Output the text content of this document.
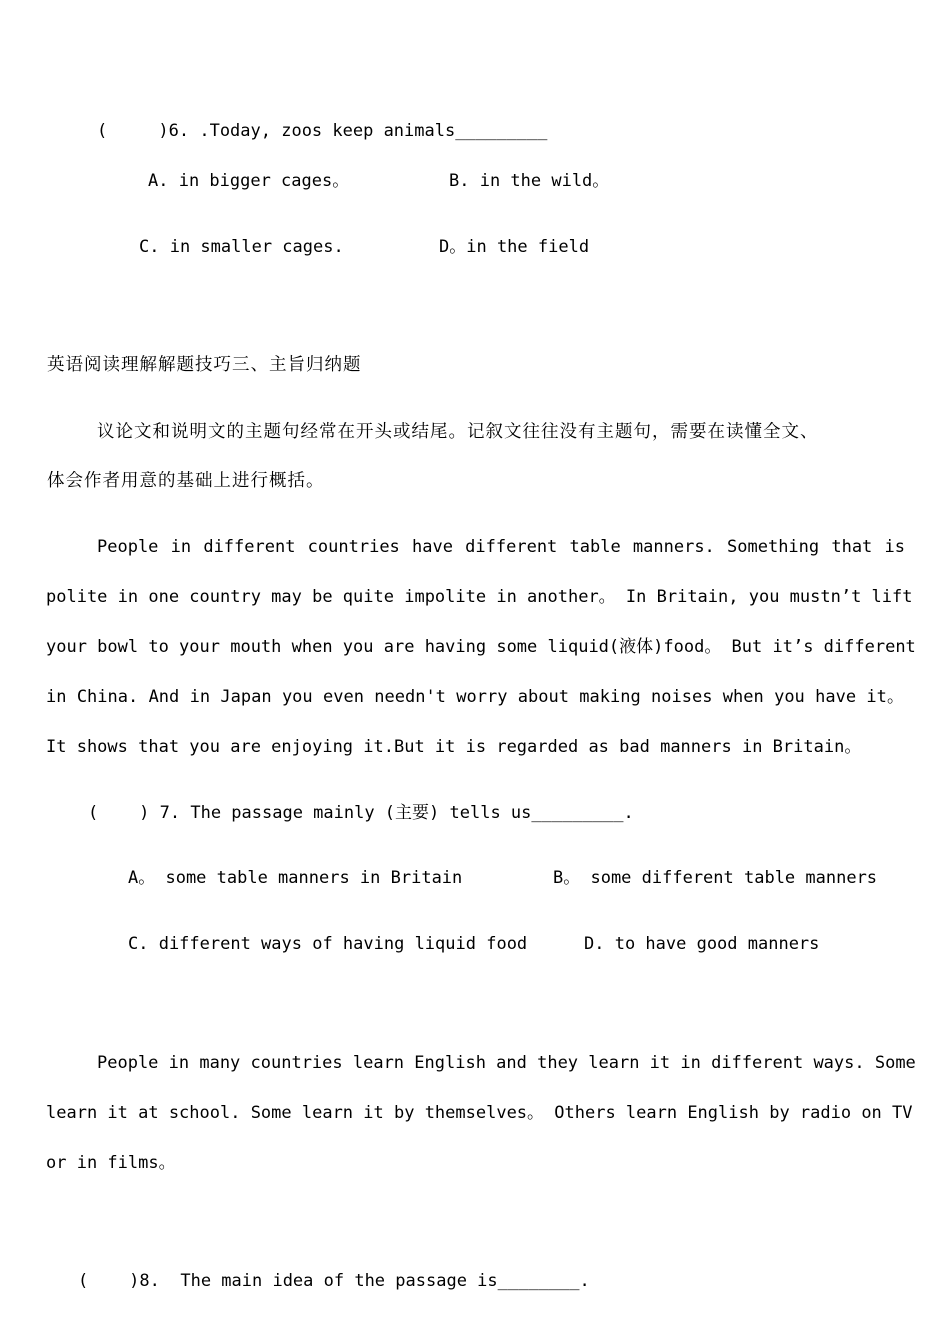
(     )6. .Today, zoos keep animals_________
A. in bigger cages。	B. in the wild。
C. in smaller cages.	D。in the field
英语阅读理解解题技巧三、主旨归纳题
议论文和说明文的主题句经常在开头或结尾。记叙文往往没有主题句，需要在读懂全文、
体会作者用意的基础上进行概括。
People in different countries have different table manners. Something that is
polite in one country may be quite impolite in another。 In Britain, you mustn’t lift
your bowl to your mouth when you are having some liquid(液体)food。 But it’s different
in China. And in Japan you even needn't worry about making noises when you have it。
It shows that you are enjoying it.But it is regarded as bad manners in Britain。
(    ) 7. The passage mainly (主要) tells us_________.
A。 some table manners in Britain	B。 some different table manners
C. different ways of having liquid food	D. to have good manners
People in many countries learn English and they learn it in different ways. Some
learn it at school. Some learn it by themselves。 Others learn English by radio on TV
or in films。
(    )8.  The main idea of the passage is________.
